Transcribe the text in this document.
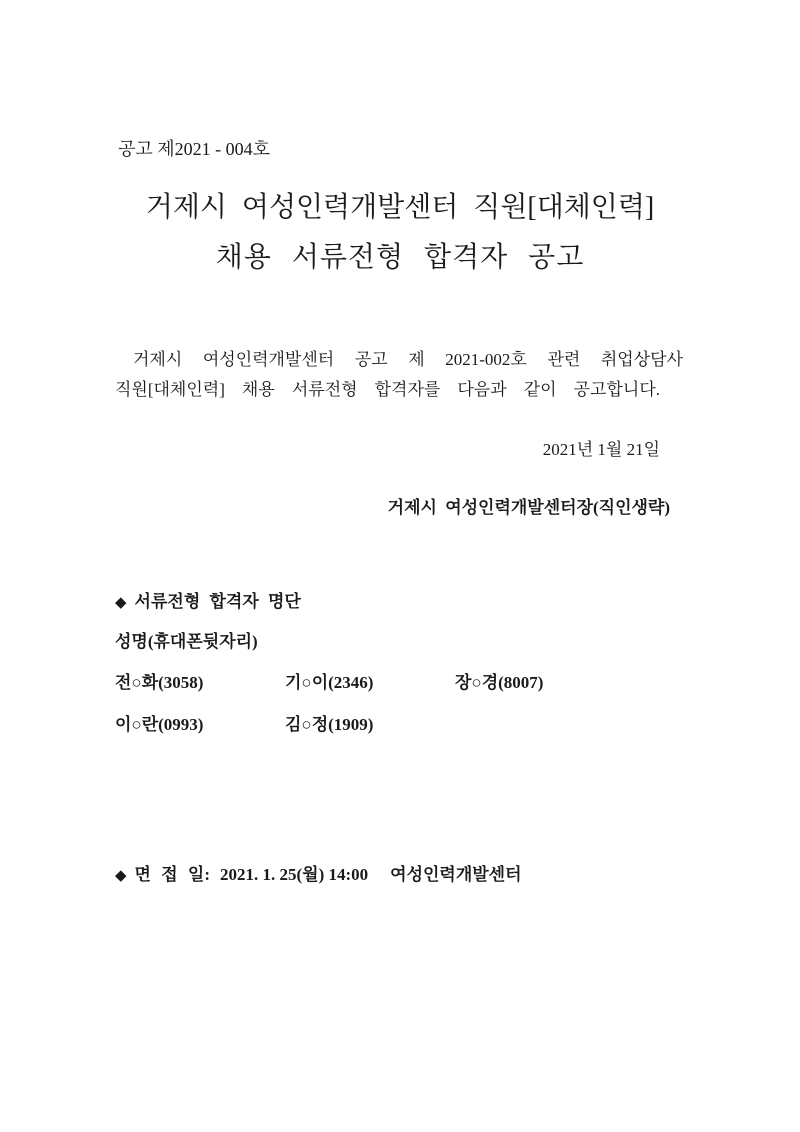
공고 제2021 - 004호
거제시 여성인력개발센터 직원[대체인력]
채용 서류전형 합격자 공고
거제시 여성인력개발센터 공고 제 2021-002호 관련 취업상담사
직원[대체인력] 채용 서류전형 합격자를 다음과 같이 공고합니다.
2021년 1월 21일
거제시 여성인력개발센터장(직인생략)
◆ 서류전형 합격자 명단
성명(휴대폰뒷자리)
전○화(3058)	기○이(2346)	장○경(8007)
이○란(0993)	김○정(1909)
◆ 면 접 일: 2021. 1. 25(월) 14:00 여성인력개발센터
